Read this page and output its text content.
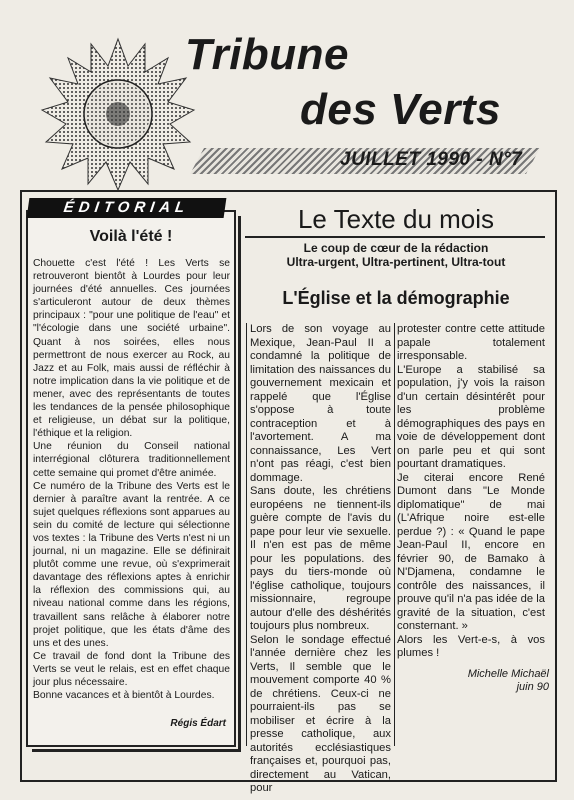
Tribune
des Verts
JUILLET 1990 - N°7
ÉDITORIAL
Voilà l'été !

Chouette c'est l'été ! Les Verts se retrouveront bientôt à Lourdes pour leur journées d'été annuelles. Ces journées s'articuleront autour de deux thèmes principaux : "pour une politique de l'eau" et "l'écologie dans une société urbaine". Quant à nos soirées, elles nous permettront de nous exercer au Rock, au Jazz et au Folk, mais aussi de réfléchir à notre implication dans la vie politique et de mener, avec des représentants de toutes les tendances de la pensée philosophique et religieuse, un débat sur la politique, l'éthique et la religion.

Une réunion du Conseil national interrégional clôturera traditionnellement cette semaine qui promet d'être animée.

Ce numéro de la Tribune des Verts est le dernier à paraître avant la rentrée. A ce sujet quelques réflexions sont apparues au sein du comité de lecture qui sélectionne vos textes : la Tribune des Verts n'est ni un journal, ni un magazine. Elle se définirait plutôt comme une revue, où s'exprimerait davantage des réflexions aptes à enrichir la réflexion des commissions qui, au niveau national comme dans les régions, travaillent sans relâche à élaborer notre projet politique, que les états d'âme des uns et des unes.

Ce travail de fond dont la Tribune des Verts se veut le relais, est en effet chaque jour plus nécessaire.

Bonne vacances et à bientôt à Lourdes.

Régis Édart
Le Texte du mois
Le coup de cœur de la rédaction
Ultra-urgent, Ultra-pertinent, Ultra-tout
L'Église et la démographie

Lors de son voyage au Mexique, Jean-Paul II a condamné la politique de limitation des naissances du gouvernement mexicain et rappelé que l'Église s'oppose à toute contraception et à l'avortement. A ma connaissance, Les Vert n'ont pas réagi, c'est bien dommage.

Sans doute, les chrétiens européens ne tiennent-ils guère compte de l'avis du pape pour leur vie sexuelle. Il n'en est pas de même pour les populations. des pays du tiers-monde où l'église catholique, toujours missionnaire, regroupe autour d'elle des déshérités toujours plus nombreux.

Selon le sondage effectué l'année dernière chez les Verts, Il semble que le mouvement comporte 40 % de chrétiens. Ceux-ci ne pourraient-ils pas se mobiliser et écrire à la presse catholique, aux autorités ecclésiastiques françaises et, pourquoi pas, directement au Vatican, pour

protester contre cette attitude papale totalement irresponsable.

L'Europe a stabilisé sa population, j'y vois la raison d'un certain désintérêt pour les problème démographiques des pays en voie de développement dont on parle peu et qui sont pourtant dramatiques.

Je citerai encore René Dumont dans "Le Monde diplomatique" de mai (L'Afrique noire est-elle perdue ?) : « Quand le pape Jean-Paul II, encore en février 90, de Bamako à N'Djamena, condamne le contrôle des naissances, il prouve qu'il n'a pas idée de la gravité de la situation, c'est consternant. »

Alors les Vert-e-s, à vos plumes !

Michelle Michaël
juin 90
